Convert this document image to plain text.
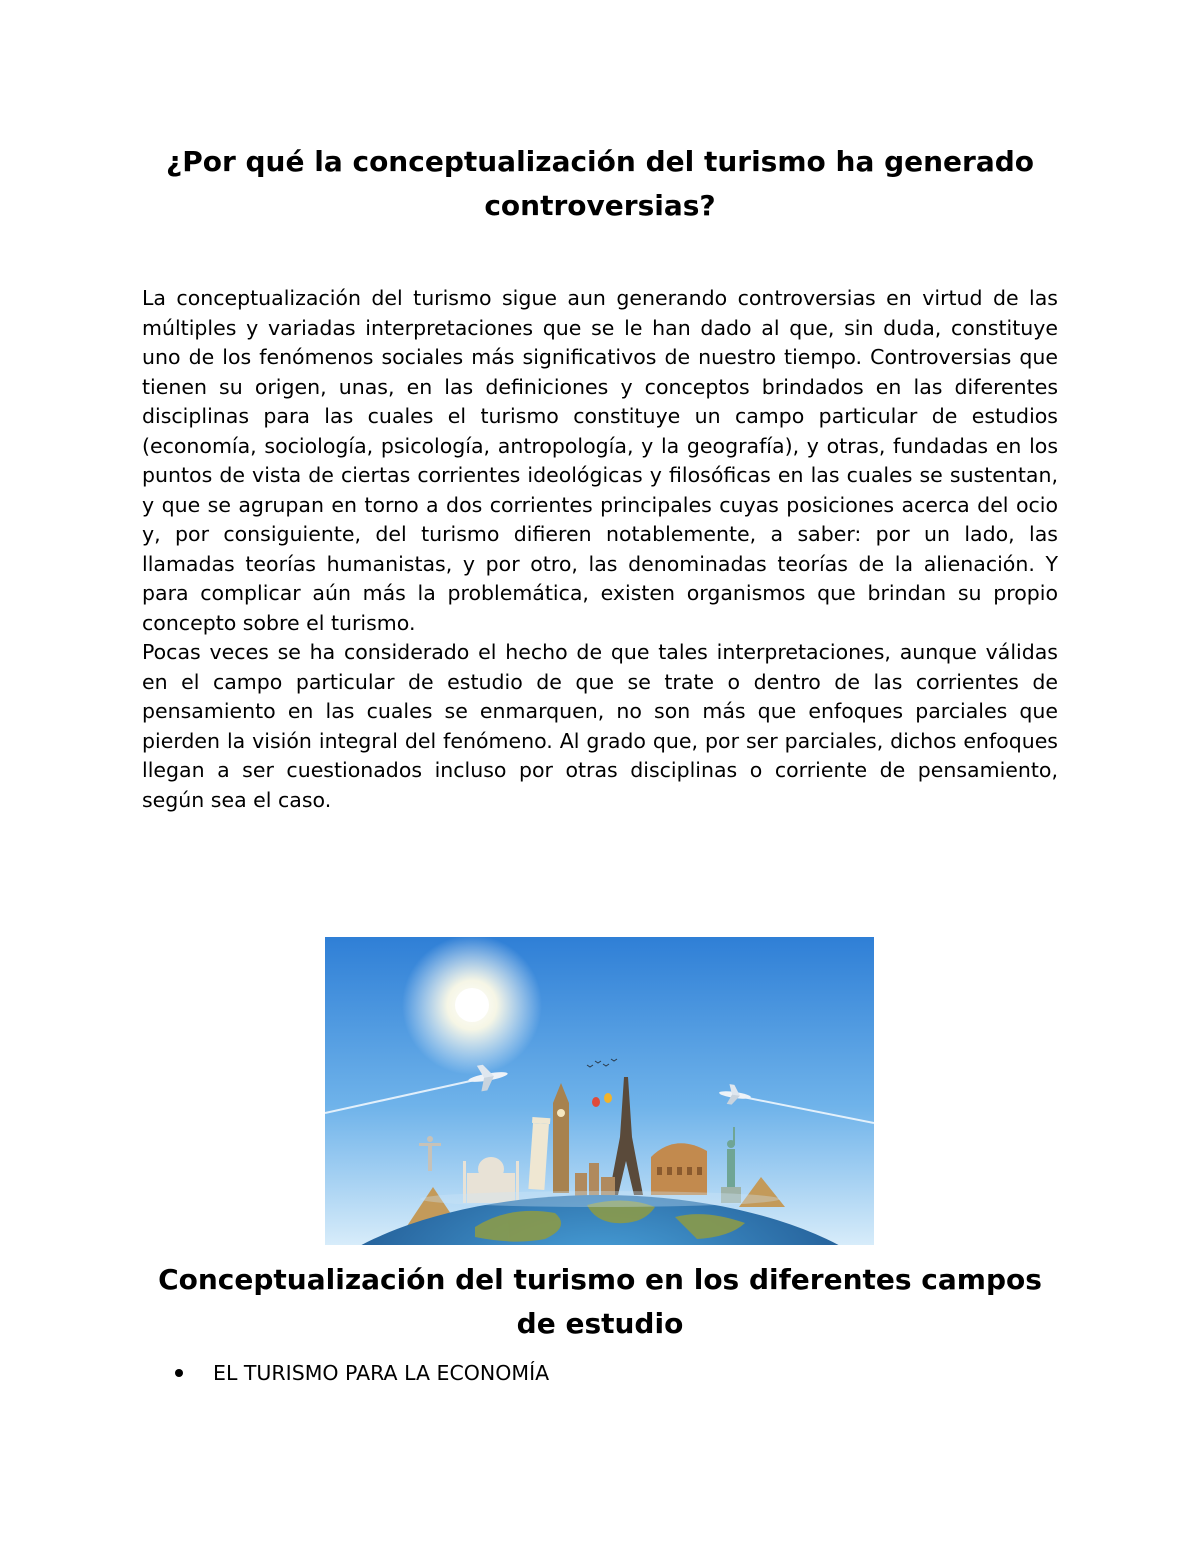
¿Por qué la conceptualización del turismo ha generado controversias?

La conceptualización del turismo sigue aun generando controversias en virtud de las múltiples y variadas interpretaciones que se le han dado al que, sin duda, constituye uno de los fenómenos sociales más significativos de nuestro tiempo. Controversias que tienen su origen, unas, en las definiciones y conceptos brindados en las diferentes disciplinas para las cuales el turismo constituye un campo particular de estudios (economía, sociología, psicología, antropología, y la geografía), y otras, fundadas en los puntos de vista de ciertas corrientes ideológicas y filosóficas en las cuales se sustentan, y que se agrupan en torno a dos corrientes principales cuyas posiciones acerca del ocio y, por consiguiente, del turismo difieren notablemente, a saber: por un lado, las llamadas teorías humanistas, y por otro, las denominadas teorías de la alienación. Y para complicar aún más la problemática, existen organismos que brindan su propio concepto sobre el turismo.

Pocas veces se ha considerado el hecho de que tales interpretaciones, aunque válidas en el campo particular de estudio de que se trate o dentro de las corrientes de pensamiento en las cuales se enmarquen, no son más que enfoques parciales que pierden la visión integral del fenómeno. Al grado que, por ser parciales, dichos enfoques llegan a ser cuestionados incluso por otras disciplinas o corriente de pensamiento, según sea el caso.

Conceptualización del turismo en los diferentes campos de estudio
EL TURISMO PARA LA ECONOMÍA
